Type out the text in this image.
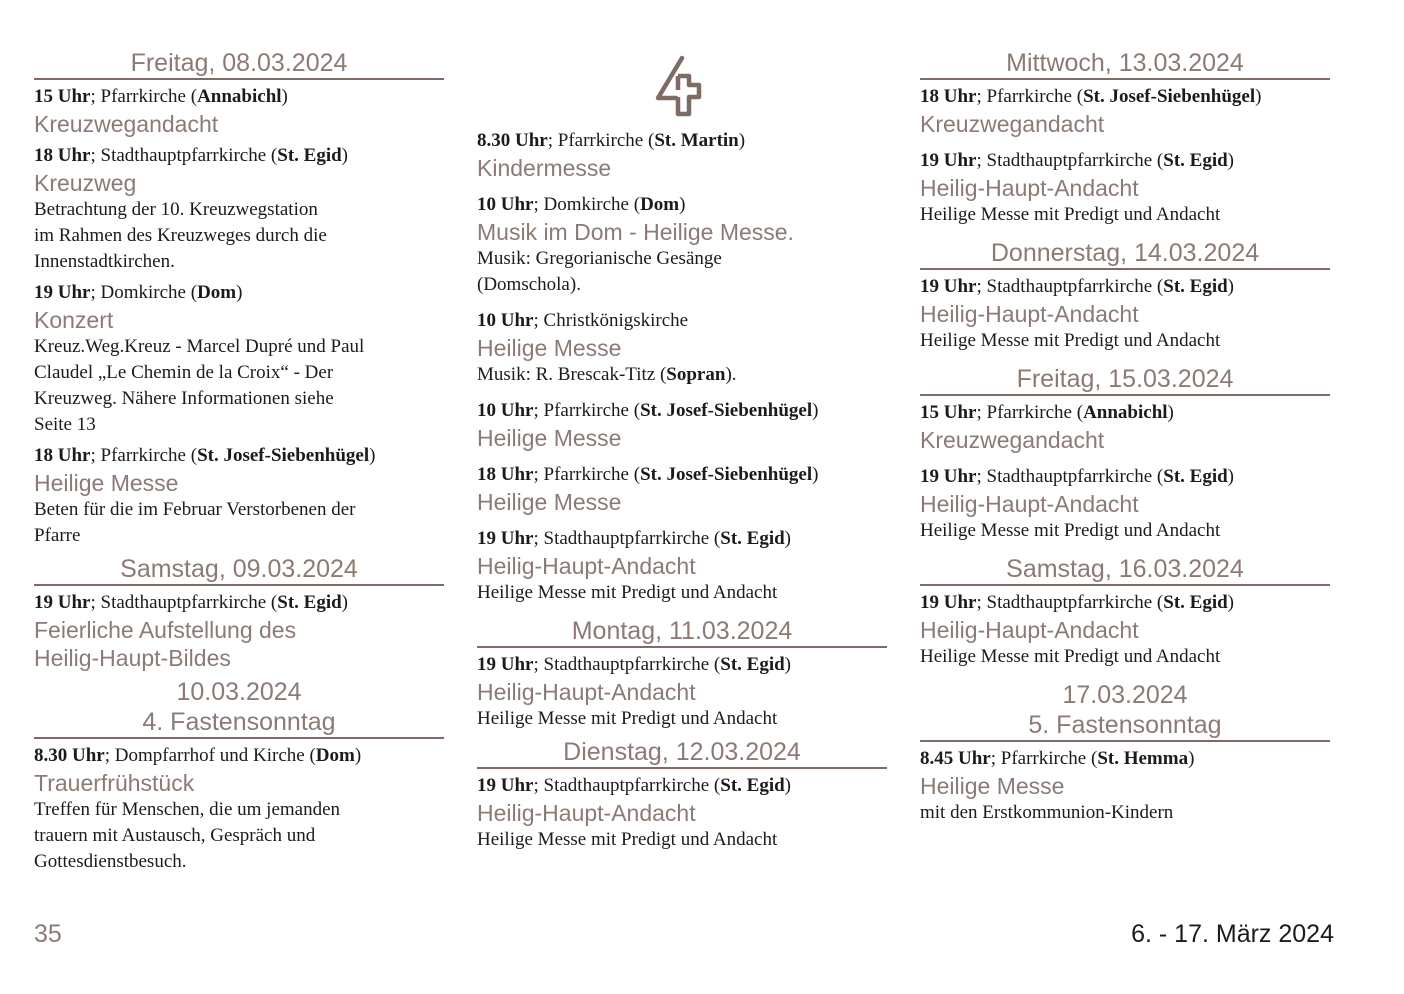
Freitag, 08.03.2024
15 Uhr; Pfarrkirche (Annabichl)
Kreuzwegandacht
18 Uhr; Stadthauptpfarrkirche (St. Egid)
Kreuzweg
Betrachtung der 10. Kreuzwegstation
im Rahmen des Kreuzweges durch die
Innenstadtkirchen.
19 Uhr; Domkirche (Dom)
Konzert
Kreuz.Weg.Kreuz - Marcel Dupré und Paul
Claudel „Le Chemin de la Croix“ - Der
Kreuzweg. Nähere Informationen siehe
Seite 13
18 Uhr; Pfarrkirche (St. Josef-Siebenhügel)
Heilige Messe
Beten für die im Februar Verstorbenen der
Pfarre
Samstag, 09.03.2024
19 Uhr; Stadthauptpfarrkirche (St. Egid)
Feierliche Aufstellung des
Heilig-Haupt-Bildes
10.03.2024
4. Fastensonntag
8.30 Uhr; Dompfarrhof und Kirche (Dom)
Trauerfrühstück
Treffen für Menschen, die um jemanden
trauern mit Austausch, Gespräch und
Gottesdienstbesuch.
8.30 Uhr; Pfarrkirche (St. Martin)
Kindermesse
10 Uhr; Domkirche (Dom)
Musik im Dom - Heilige Messe.
Musik: Gregorianische Gesänge
(Domschola).
10 Uhr; Christkönigskirche
Heilige Messe
Musik: R. Brescak-Titz (Sopran).
10 Uhr; Pfarrkirche (St. Josef-Siebenhügel)
Heilige Messe
18 Uhr; Pfarrkirche (St. Josef-Siebenhügel)
Heilige Messe
19 Uhr; Stadthauptpfarrkirche (St. Egid)
Heilig-Haupt-Andacht
Heilige Messe mit Predigt und Andacht
Montag, 11.03.2024
19 Uhr; Stadthauptpfarrkirche (St. Egid)
Heilig-Haupt-Andacht
Heilige Messe mit Predigt und Andacht
Dienstag, 12.03.2024
19 Uhr; Stadthauptpfarrkirche (St. Egid)
Heilig-Haupt-Andacht
Heilige Messe mit Predigt und Andacht
Mittwoch, 13.03.2024
18 Uhr; Pfarrkirche (St. Josef-Siebenhügel)
Kreuzwegandacht
19 Uhr; Stadthauptpfarrkirche (St. Egid)
Heilig-Haupt-Andacht
Heilige Messe mit Predigt und Andacht
Donnerstag, 14.03.2024
19 Uhr; Stadthauptpfarrkirche (St. Egid)
Heilig-Haupt-Andacht
Heilige Messe mit Predigt und Andacht
Freitag, 15.03.2024
15 Uhr; Pfarrkirche (Annabichl)
Kreuzwegandacht
19 Uhr; Stadthauptpfarrkirche (St. Egid)
Heilig-Haupt-Andacht
Heilige Messe mit Predigt und Andacht
Samstag, 16.03.2024
19 Uhr; Stadthauptpfarrkirche (St. Egid)
Heilig-Haupt-Andacht
Heilige Messe mit Predigt und Andacht
17.03.2024
5. Fastensonntag
8.45 Uhr; Pfarrkirche (St. Hemma)
Heilige Messe
mit den Erstkommunion-Kindern
35	6. - 17. März 2024
